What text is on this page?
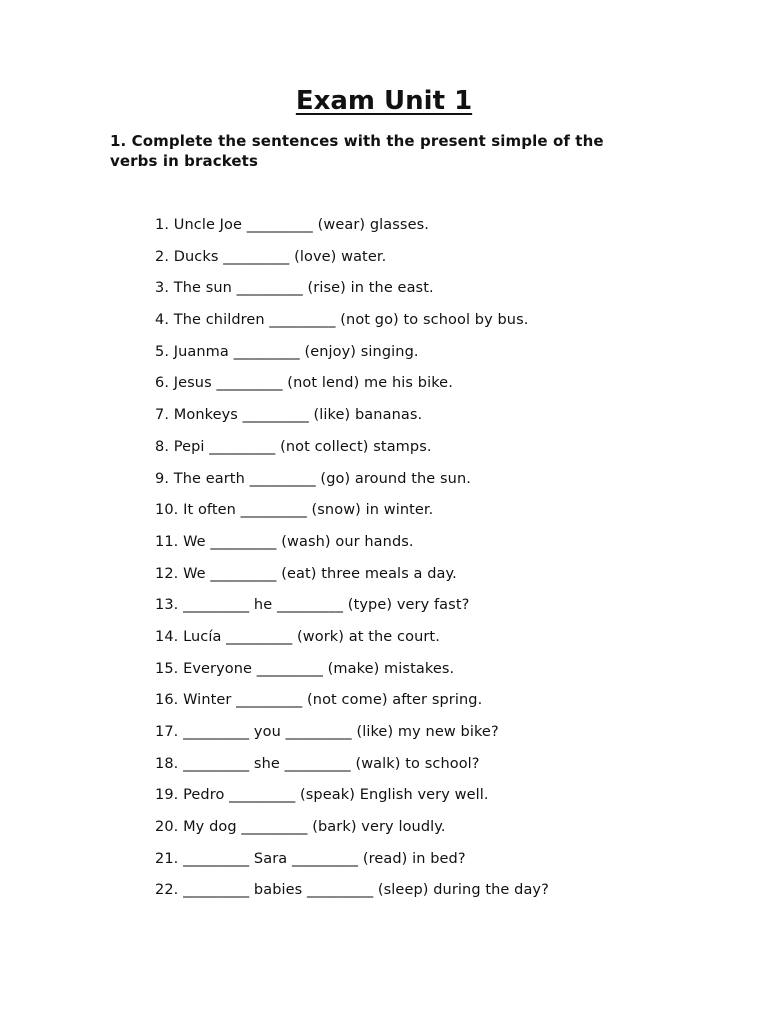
Exam Unit 1
1. Complete the sentences with the present simple of the verbs in brackets
1. Uncle Joe _________ (wear) glasses.
2. Ducks _________ (love) water.
3. The sun _________ (rise) in the east.
4. The children _________ (not go) to school by bus.
5. Juanma _________ (enjoy) singing.
6. Jesus _________ (not lend) me his bike.
7. Monkeys _________ (like) bananas.
8. Pepi _________ (not collect) stamps.
9. The earth _________ (go) around the sun.
10. It often _________ (snow) in winter.
11. We _________ (wash) our hands.
12. We _________ (eat) three meals a day.
13. _________ he _________ (type) very fast?
14. Lucía _________ (work) at the court.
15. Everyone _________ (make) mistakes.
16. Winter _________ (not come) after spring.
17. _________ you _________ (like) my new bike?
18. _________ she _________ (walk) to school?
19. Pedro _________ (speak) English very well.
20. My dog _________ (bark) very loudly.
21. _________ Sara _________ (read) in bed?
22. _________ babies _________ (sleep) during the day?
